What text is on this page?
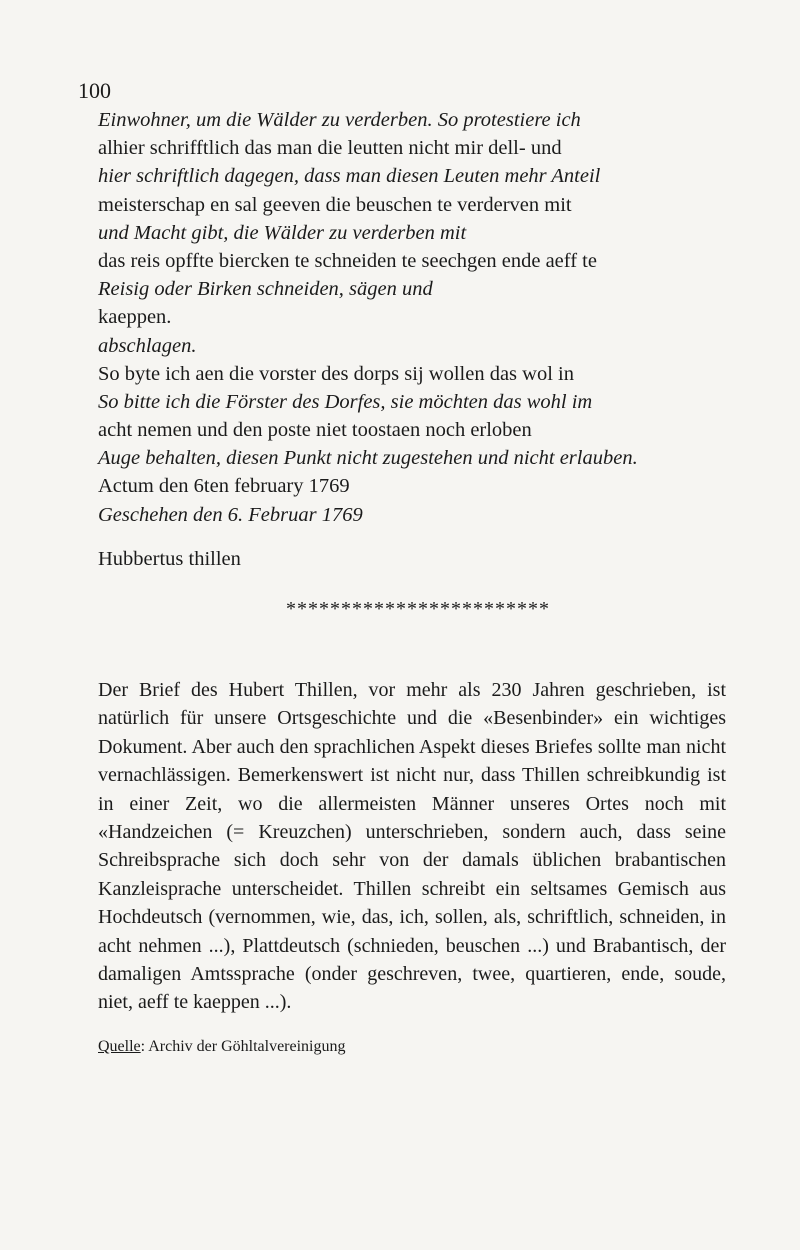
100
Einwohner, um die Wälder zu verderben. So protestiere ich
alhier schrifftlich das man die leutten nicht mir dell- und
hier schriftlich dagegen, dass man diesen Leuten mehr Anteil
meisterschap en sal geeven die beuschen te verderven mit
und Macht gibt, die Wälder zu verderben mit
das reis opffte biercken te schneiden te seechgen ende aeff te
Reisig oder Birken schneiden, sägen und
kaeppen.
abschlagen.
So byte ich aen die vorster des dorps sij wollen das wol in
So bitte ich die Förster des Dorfes, sie möchten das wohl im
acht nemen und den poste niet toostaen noch erloben
Auge behalten, diesen Punkt nicht zugestehen und nicht erlauben.
Actum den 6ten february 1769
Geschehen den 6. Februar 1769
Hubbertus thillen
************************

Der Brief des Hubert Thillen, vor mehr als 230 Jahren geschrieben, ist natürlich für unsere Ortsgeschichte und die «Besenbinder» ein wichtiges Dokument. Aber auch den sprachlichen Aspekt dieses Briefes sollte man nicht vernachlässigen. Bemerkenswert ist nicht nur, dass Thillen schreibkundig ist in einer Zeit, wo die allermeisten Männer unseres Ortes noch mit «Handzeichen (= Kreuzchen) unterschrieben, sondern auch, dass seine Schreibsprache sich doch sehr von der damals üblichen brabantischen Kanzleisprache unterscheidet. Thillen schreibt ein seltsames Gemisch aus Hochdeutsch (vernommen, wie, das, ich, sollen, als, schriftlich, schneiden, in acht nehmen ...), Plattdeutsch (schnieden, beuschen ...) und Brabantisch, der damaligen Amtssprache (onder geschreven, twee, quartieren, ende, soude, niet, aeff te kaeppen ...).

Quelle: Archiv der Göhltalvereinigung
